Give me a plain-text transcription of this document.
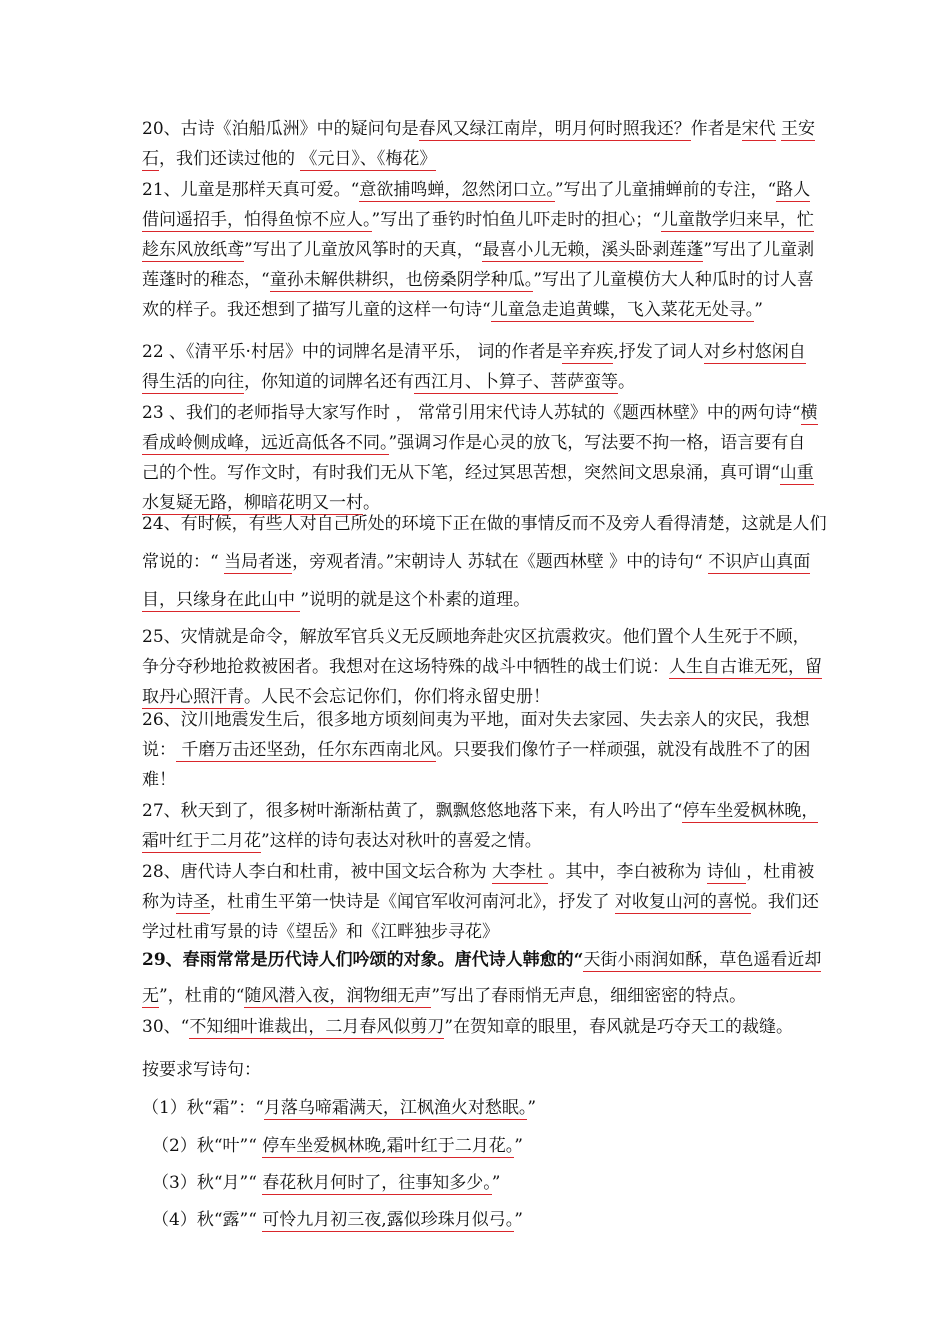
20、古诗《泊船瓜洲》中的疑问句是春风又绿江南岸，明月何时照我还？作者是宋代 王安石，我们还读过他的 《元日》、《梅花》
21、儿童是那样天真可爱。“意欲捕鸣蝉，忽然闭口立。”写出了儿童捕蝉前的专注，“路人借问遥招手，怕得鱼惊不应人。”写出了垂钓时怕鱼儿吓走时的担心；“儿童散学归来早，忙趁东风放纸鸢”写出了儿童放风筝时的天真，“最喜小儿无赖，溪头卧剥莲蓬”写出了儿童剥莲蓬时的稚态，“童孙未解供耕织，也傍桑阴学种瓜。”写出了儿童模仿大人种瓜时的讨人喜欢的样子。我还想到了描写儿童的这样一句诗“儿童急走追黄蝶，飞入菜花无处寻。”
22 、《清平乐·村居》中的词牌名是清平乐， 词的作者是辛弃疾,抒发了词人对乡村悠闲自得生活的向往，你知道的词牌名还有西江月、卜算子、菩萨蛮等。
23 、我们的老师指导大家写作时 ， 常常引用宋代诗人苏轼的《题西林壁》中的两句诗“横看成岭侧成峰，远近高低各不同。”强调习作是心灵的放飞，写法要不拘一格，语言要有自己的个性。写作文时，有时我们无从下笔，经过冥思苦想，突然间文思泉涌，真可谓“山重水复疑无路，柳暗花明又一村。
24、有时候，有些人对自己所处的环境下正在做的事情反而不及旁人看得清楚，这就是人们常说的：“ 当局者迷，旁观者清。”宋朝诗人 苏轼在《题西林壁 》中的诗句“ 不识庐山真面目，只缘身在此山中 ”说明的就是这个朴素的道理。
25、灾情就是命令，解放军官兵义无反顾地奔赴灾区抗震救灾。他们置个人生死于不顾，争分夺秒地抢救被困者。我想对在这场特殊的战斗中牺牲的战士们说：人生自古谁无死，留取丹心照汗青。人民不会忘记你们，你们将永留史册！
26、汶川地震发生后，很多地方顷刻间夷为平地，面对失去家园、失去亲人的灾民，我想说： 千磨万击还坚劲，任尔东西南北风。只要我们像竹子一样顽强，就没有战胜不了的困难！
27、秋天到了，很多树叶渐渐枯黄了，飘飘悠悠地落下来，有人吟出了“停车坐爱枫林晚，霜叶红于二月花”这样的诗句表达对秋叶的喜爱之情。
28、唐代诗人李白和杜甫，被中国文坛合称为 大李杜 。其中，李白被称为 诗仙 ，杜甫被称为诗圣，杜甫生平第一快诗是《闻官军收河南河北》，抒发了 对收复山河的喜悦。我们还学过杜甫写景的诗《望岳》和《江畔独步寻花》
29、春雨常常是历代诗人们吟颂的对象。唐代诗人韩愈的“天街小雨润如酥，草色遥看近却无”，杜甫的“随风潜入夜，润物细无声”写出了春雨悄无声息，细细密密的特点。
30、“不知细叶谁裁出，二月春风似剪刀”在贺知章的眼里，春风就是巧夺天工的裁缝。
按要求写诗句：
（1）秋“霜”：“月落乌啼霜满天，江枫渔火对愁眠。”
（2）秋“叶”“ 停车坐爱枫林晚,霜叶红于二月花。”
（3）秋“月”“ 春花秋月何时了，往事知多少。”
（4）秋“露”“ 可怜九月初三夜,露似珍珠月似弓。”
